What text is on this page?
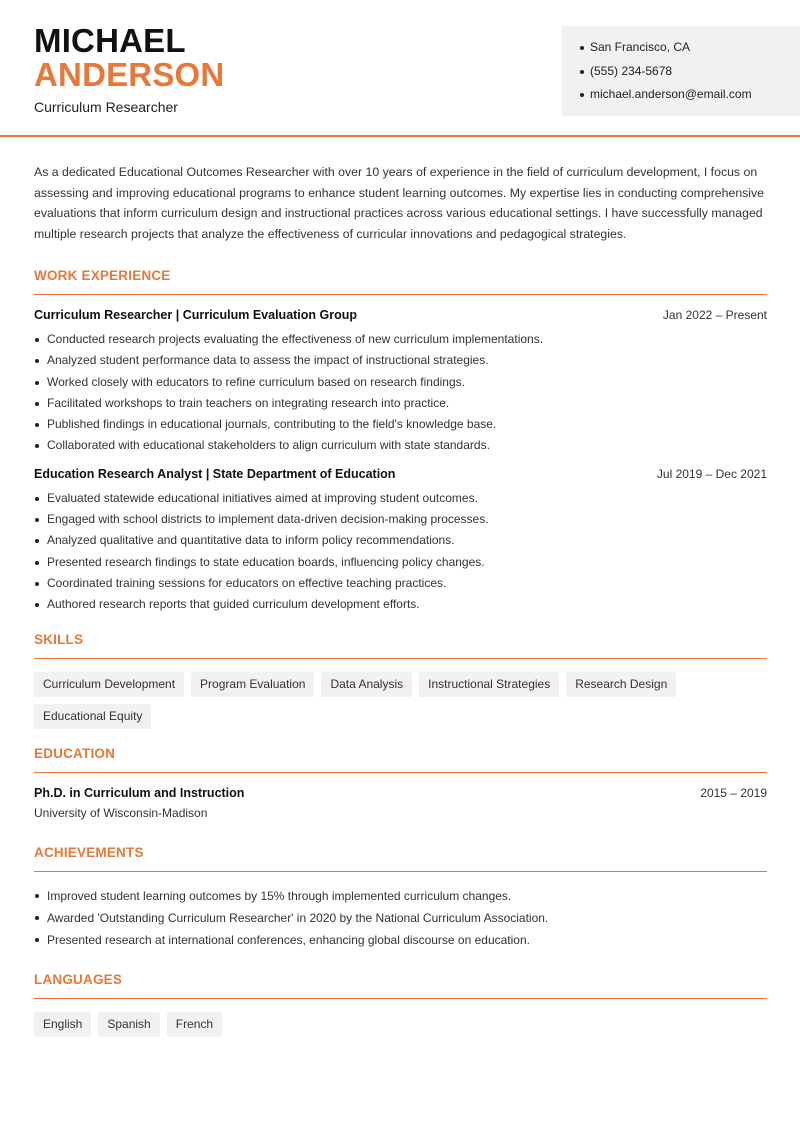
MICHAEL
ANDERSON
Curriculum Researcher
San Francisco, CA
(555) 234-5678
michael.anderson@email.com

As a dedicated Educational Outcomes Researcher with over 10 years of experience in the field of curriculum development, I focus on assessing and improving educational programs to enhance student learning outcomes. My expertise lies in conducting comprehensive evaluations that inform curriculum design and instructional practices across various educational settings. I have successfully managed multiple research projects that analyze the effectiveness of curricular innovations and pedagogical strategies.

WORK EXPERIENCE
Curriculum Researcher | Curriculum Evaluation Group	Jan 2022 – Present
Conducted research projects evaluating the effectiveness of new curriculum implementations.
Analyzed student performance data to assess the impact of instructional strategies.
Worked closely with educators to refine curriculum based on research findings.
Facilitated workshops to train teachers on integrating research into practice.
Published findings in educational journals, contributing to the field's knowledge base.
Collaborated with educational stakeholders to align curriculum with state standards.
Education Research Analyst | State Department of Education	Jul 2019 – Dec 2021
Evaluated statewide educational initiatives aimed at improving student outcomes.
Engaged with school districts to implement data-driven decision-making processes.
Analyzed qualitative and quantitative data to inform policy recommendations.
Presented research findings to state education boards, influencing policy changes.
Coordinated training sessions for educators on effective teaching practices.
Authored research reports that guided curriculum development efforts.
SKILLS
Curriculum Development	Program Evaluation	Data Analysis	Instructional Strategies	Research Design
Educational Equity
EDUCATION
Ph.D. in Curriculum and Instruction	2015 – 2019
University of Wisconsin-Madison
ACHIEVEMENTS
Improved student learning outcomes by 15% through implemented curriculum changes.
Awarded 'Outstanding Curriculum Researcher' in 2020 by the National Curriculum Association.
Presented research at international conferences, enhancing global discourse on education.
LANGUAGES
English	Spanish	French
